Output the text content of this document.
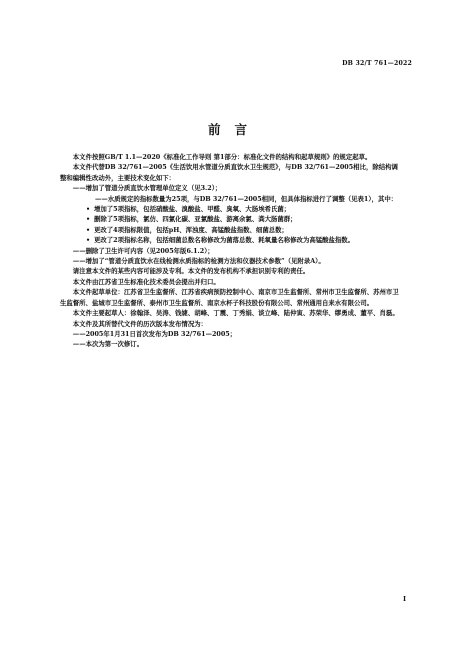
DB 32/T 761—2022
前言

本文件按照GB/T 1.1—2020《标准化工作导则 第1部分：标准化文件的结构和起草规则》的规定起草。

本文件代替DB 32/761—2005《生活饮用水管道分质直饮水卫生规范》，与DB 32/761—2005相比，除结构调整和编辑性改动外，主要技术变化如下：

——增加了管道分质直饮水管理单位定义（见3.2）；

——水质规定的指标数量为25项，与DB 32/761—2005相同，但具体指标进行了调整（见表1），其中：

• 增加了5项指标，包括硝酸盐、溴酸盐、甲醛、臭氧、大肠埃希氏菌；

• 删除了5项指标，氯仿、四氯化碳、亚氯酸盐、游离余氯、粪大肠菌群；

• 更改了4项指标限值，包括pH、浑浊度、高锰酸盐指数、细菌总数；

• 更改了2项指标名称，包括细菌总数名称修改为菌落总数、耗氧量名称修改为高锰酸盐指数。

——删除了卫生许可内容（见2005年版6.1.2）；

——增加了“管道分质直饮水在线检测水质指标的检测方法和仪器技术参数”（见附录A）。

请注意本文件的某些内容可能涉及专利。本文件的发布机构不承担识别专利的责任。

本文件由江苏省卫生标准化技术委员会提出并归口。

本文件起草单位：江苏省卫生监督所、江苏省疾病预防控制中心、南京市卫生监督所、常州市卫生监督所、苏州市卫生监督所、盐城市卫生监督所、泰州市卫生监督所、南京水杯子科技股份有限公司、常州通用自来水有限公司。

本文件主要起草人：徐翰泽、吴涛、钱婕、胡峰、丁震、丁秀娟、谈立峰、陆仲寅、苏荣华、缪勇成、董平、肖磊。

本文件及其所替代文件的历次版本发布情况为：

——2005年1月31日首次发布为DB 32/761—2005；

——本次为第一次修订。

I
